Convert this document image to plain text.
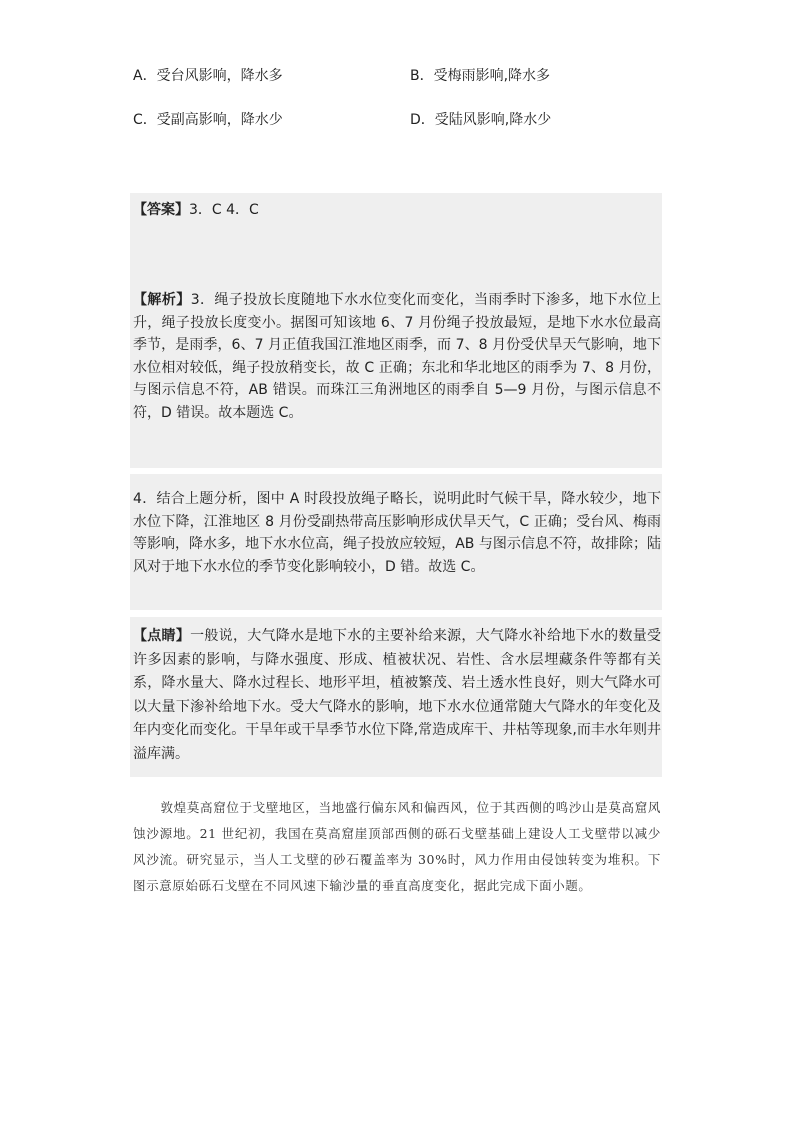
A．受台风影响，降水多	B．受梅雨影响,降水多
C．受副高影响，降水少	D．受陆风影响,降水少

【答案】3．C 4．C

【解析】3．绳子投放长度随地下水水位变化而变化，当雨季时下渗多，地下水位上升，绳子投放长度变小。据图可知该地 6、7 月份绳子投放最短，是地下水水位最高季节，是雨季，6、7 月正值我国江淮地区雨季，而 7、8 月份受伏旱天气影响，地下水位相对较低，绳子投放稍变长，故 C 正确；东北和华北地区的雨季为 7、8 月份，与图示信息不符，AB 错误。而珠江三角洲地区的雨季自 5—9 月份，与图示信息不符，D 错误。故本题选 C。

4．结合上题分析，图中 A 时段投放绳子略长，说明此时气候干旱，降水较少，地下水位下降，江淮地区 8 月份受副热带高压影响形成伏旱天气，C 正确；受台风、梅雨等影响，降水多，地下水水位高，绳子投放应较短，AB 与图示信息不符，故排除；陆风对于地下水水位的季节变化影响较小，D 错。故选 C。

【点睛】一般说，大气降水是地下水的主要补给来源，大气降水补给地下水的数量受许多因素的影响，与降水强度、形成、植被状况、岩性、含水层埋藏条件等都有关系，降水量大、降水过程长、地形平坦，植被繁茂、岩土透水性良好，则大气降水可以大量下渗补给地下水。受大气降水的影响，地下水水位通常随大气降水的年变化及年内变化而变化。干旱年或干旱季节水位下降,常造成库干、井枯等现象,而丰水年则井溢库满。

敦煌莫高窟位于戈壁地区，当地盛行偏东风和偏西风，位于其西侧的鸣沙山是莫高窟风蚀沙源地。21 世纪初，我国在莫高窟崖顶部西侧的砾石戈壁基础上建设人工戈壁带以减少风沙流。研究显示，当人工戈壁的砂石覆盖率为 30%时，风力作用由侵蚀转变为堆积。下图示意原始砾石戈壁在不同风速下输沙量的垂直高度变化，据此完成下面小题。
